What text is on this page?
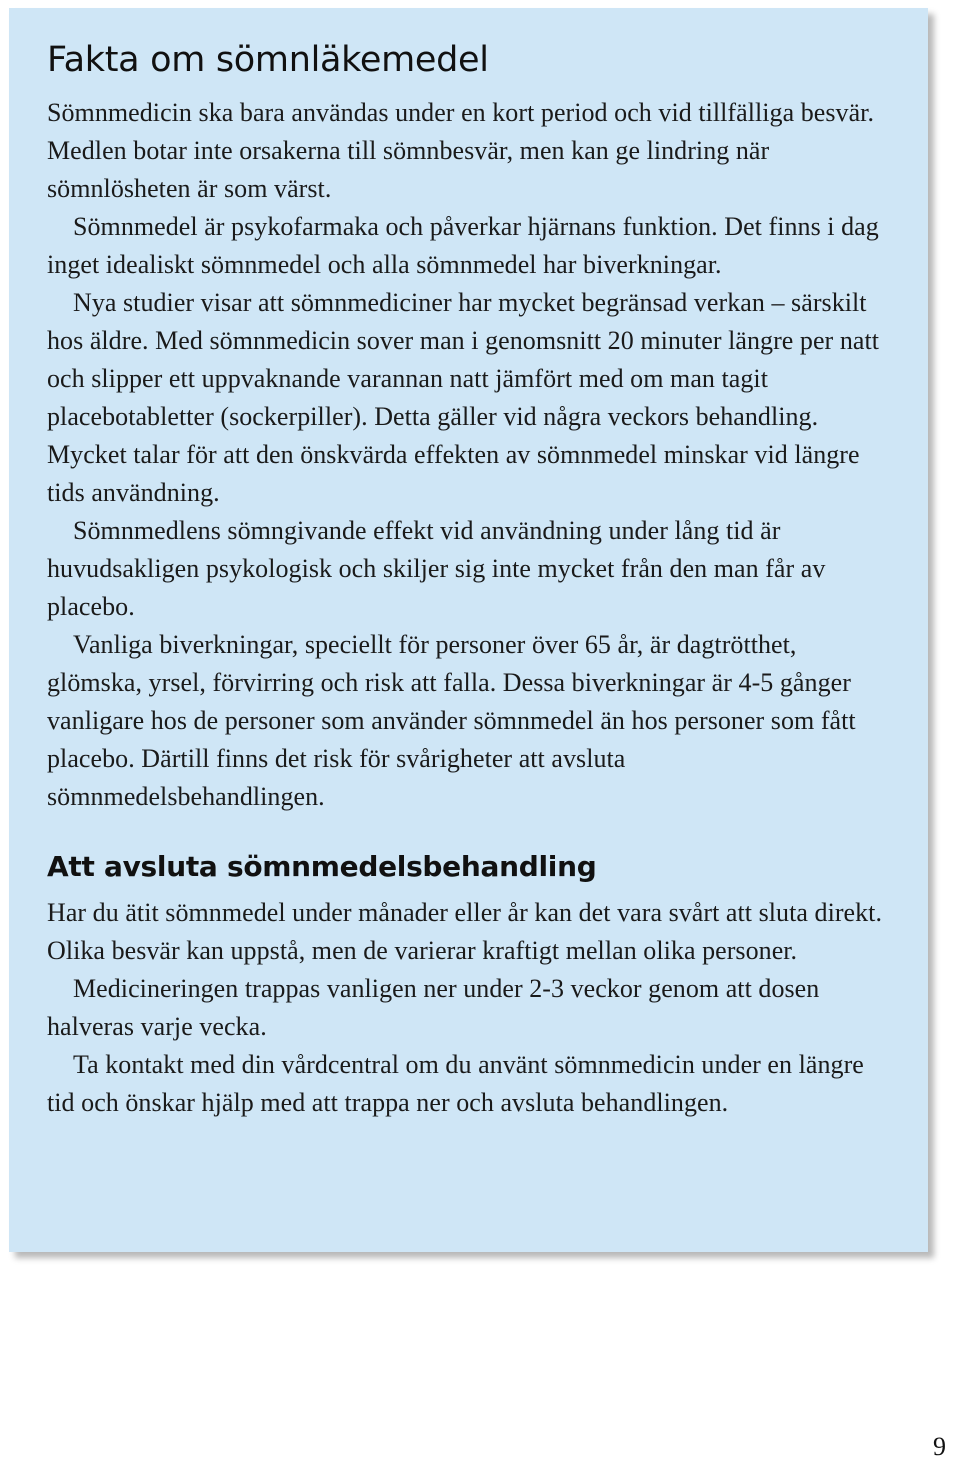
Fakta om sömnläkemedel

Sömnmedicin ska bara användas under en kort period och vid tillfälliga besvär. Medlen botar inte orsakerna till sömnbesvär, men kan ge lindring när sömnlösheten är som värst.

Sömnmedel är psykofarmaka och påverkar hjärnans funktion. Det finns i dag inget idealiskt sömnmedel och alla sömnmedel har biverkningar.

Nya studier visar att sömnmediciner har mycket begränsad verkan – särskilt hos äldre. Med sömnmedicin sover man i genomsnitt 20 minuter längre per natt och slipper ett uppvaknande varannan natt jämfört med om man tagit placebotabletter (sockerpiller). Detta gäller vid några veckors behandling. Mycket talar för att den önskvärda effekten av sömnmedel minskar vid längre tids användning.

Sömnmedlens sömngivande effekt vid användning under lång tid är huvudsakligen psykologisk och skiljer sig inte mycket från den man får av placebo.

Vanliga biverkningar, speciellt för personer över 65 år, är dagtrötthet, glömska, yrsel, förvirring och risk att falla. Dessa biverkningar är 4-5 gånger vanligare hos de personer som använder sömnmedel än hos personer som fått placebo. Därtill finns det risk för svårigheter att avsluta sömnmedelsbehandlingen.

Att avsluta sömnmedelsbehandling

Har du ätit sömnmedel under månader eller år kan det vara svårt att sluta direkt. Olika besvär kan uppstå, men de varierar kraftigt mellan olika personer.

Medicineringen trappas vanligen ner under 2-3 veckor genom att dosen halveras varje vecka.

Ta kontakt med din vårdcentral om du använt sömnmedicin under en längre tid och önskar hjälp med att trappa ner och avsluta behandlingen.

9
